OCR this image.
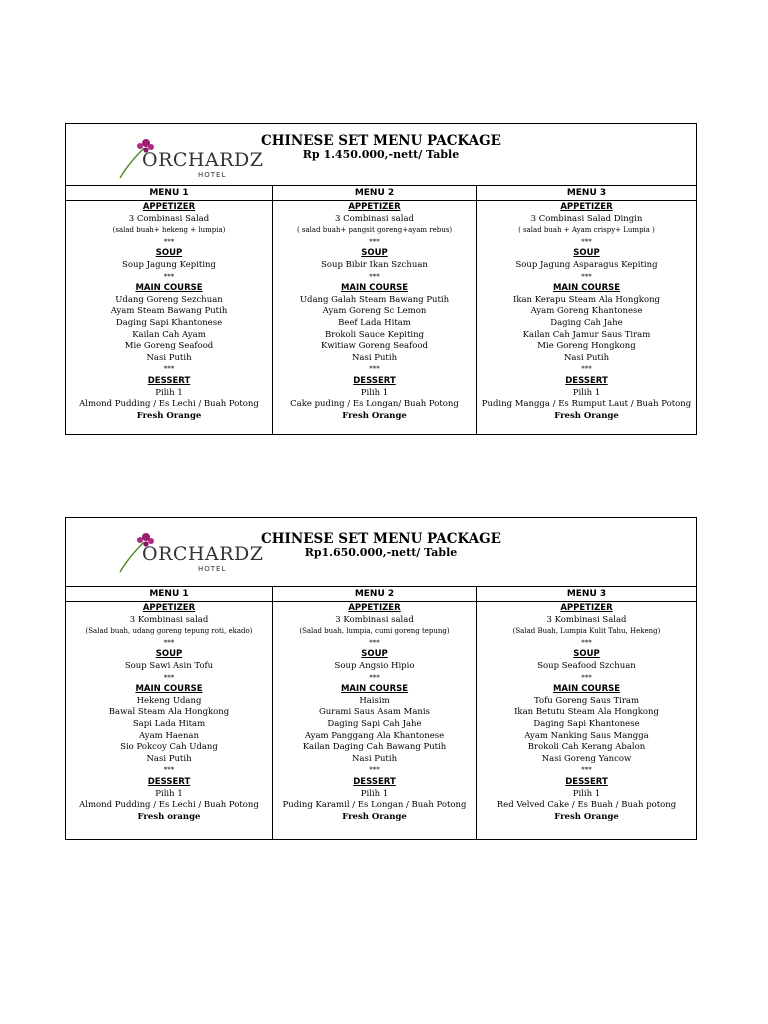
ORCHARDZ
HOTEL
CHINESE SET MENU PACKAGE
Rp 1.450.000,-nett/ Table
MENU 1
APPETIZER
3 Combinasi Salad
(salad buah+ hekeng + lumpia)
***
SOUP
Soup Jagung Kepiting
***
MAIN COURSE
Udang Goreng Sezchuan
Ayam Steam Bawang Putih
Daging Sapi Khantonese
Kailan Cah Ayam
Mie Goreng Seafood
Nasi Putih
***
DESSERT
Pilih 1
Almond Pudding / Es Lechi / Buah Potong
Fresh Orange
MENU 2
APPETIZER
3 Combinasi salad
( salad buah+ pangsit goreng+ayam rebus)
***
SOUP
Soup Bibir Ikan Szchuan
***
MAIN COURSE
Udang Galah Steam Bawang Putih
Ayam Goreng Sc Lemon
Beef Lada Hitam
Brokoli Sauce Kepiting
Kwitiaw Goreng Seafood
Nasi Putih
***
DESSERT
Pilih 1
Cake puding / Es Longan/ Buah Potong
Fresh Orange
MENU 3
APPETIZER
3 Combinasi Salad Dingin
( salad buah + Ayam crispy+ Lumpia )
***
SOUP
Soup Jagung Asparagus Kepiting
***
MAIN COURSE
Ikan Kerapu Steam Ala Hongkong
Ayam Goreng Khantonese
Daging Cah Jahe
Kailan Cah Jamur Saus Tiram
Mie Goreng Hongkong
Nasi Putih
***
DESSERT
Pilih 1
Puding Mangga / Es Rumput Laut / Buah Potong
Fresh Orange
ORCHARDZ
HOTEL
CHINESE SET MENU PACKAGE
Rp1.650.000,-nett/ Table
MENU 1
APPETIZER
3 Kombinasi salad
(Salad buah, udang goreng tepung roti, ekado)
***
SOUP
Soup Sawi Asin Tofu
***
MAIN COURSE
Hekeng Udang
Bawal Steam Ala Hongkong
Sapi Lada Hitam
Ayam Haenan
Sio Pokcoy Cah Udang
Nasi Putih
***
DESSERT
Pilih 1
Almond Pudding / Es Lechi / Buah Potong
Fresh orange
MENU 2
APPETIZER
3 Kombinasi salad
(Salad buah, lumpia, cumi goreng tepung)
***
SOUP
Soup Angsio Hipio
***
MAIN COURSE
Haisim
Gurami Saus Asam Manis
Daging Sapi Cah Jahe
Ayam Panggang Ala Khantonese
Kailan Daging Cah Bawang Putih
Nasi Putih
***
DESSERT
Pilih 1
Puding Karamil / Es Longan / Buah Potong
Fresh Orange
MENU 3
APPETIZER
3 Kombinasi Salad
(Salad Buah, Lumpia Kulit Tahu, Hekeng)
***
SOUP
Soup Seafood Szchuan
***
MAIN COURSE
Tofu Goreng Saus Tiram
Ikan Betutu Steam Ala Hongkong
Daging Sapi Khantonese
Ayam Nanking Saus Mangga
Brokoli Cah Kerang Abalon
Nasi Goreng Yancow
***
DESSERT
Pilih 1
Red Velved Cake / Es Buah / Buah potong
Fresh Orange
